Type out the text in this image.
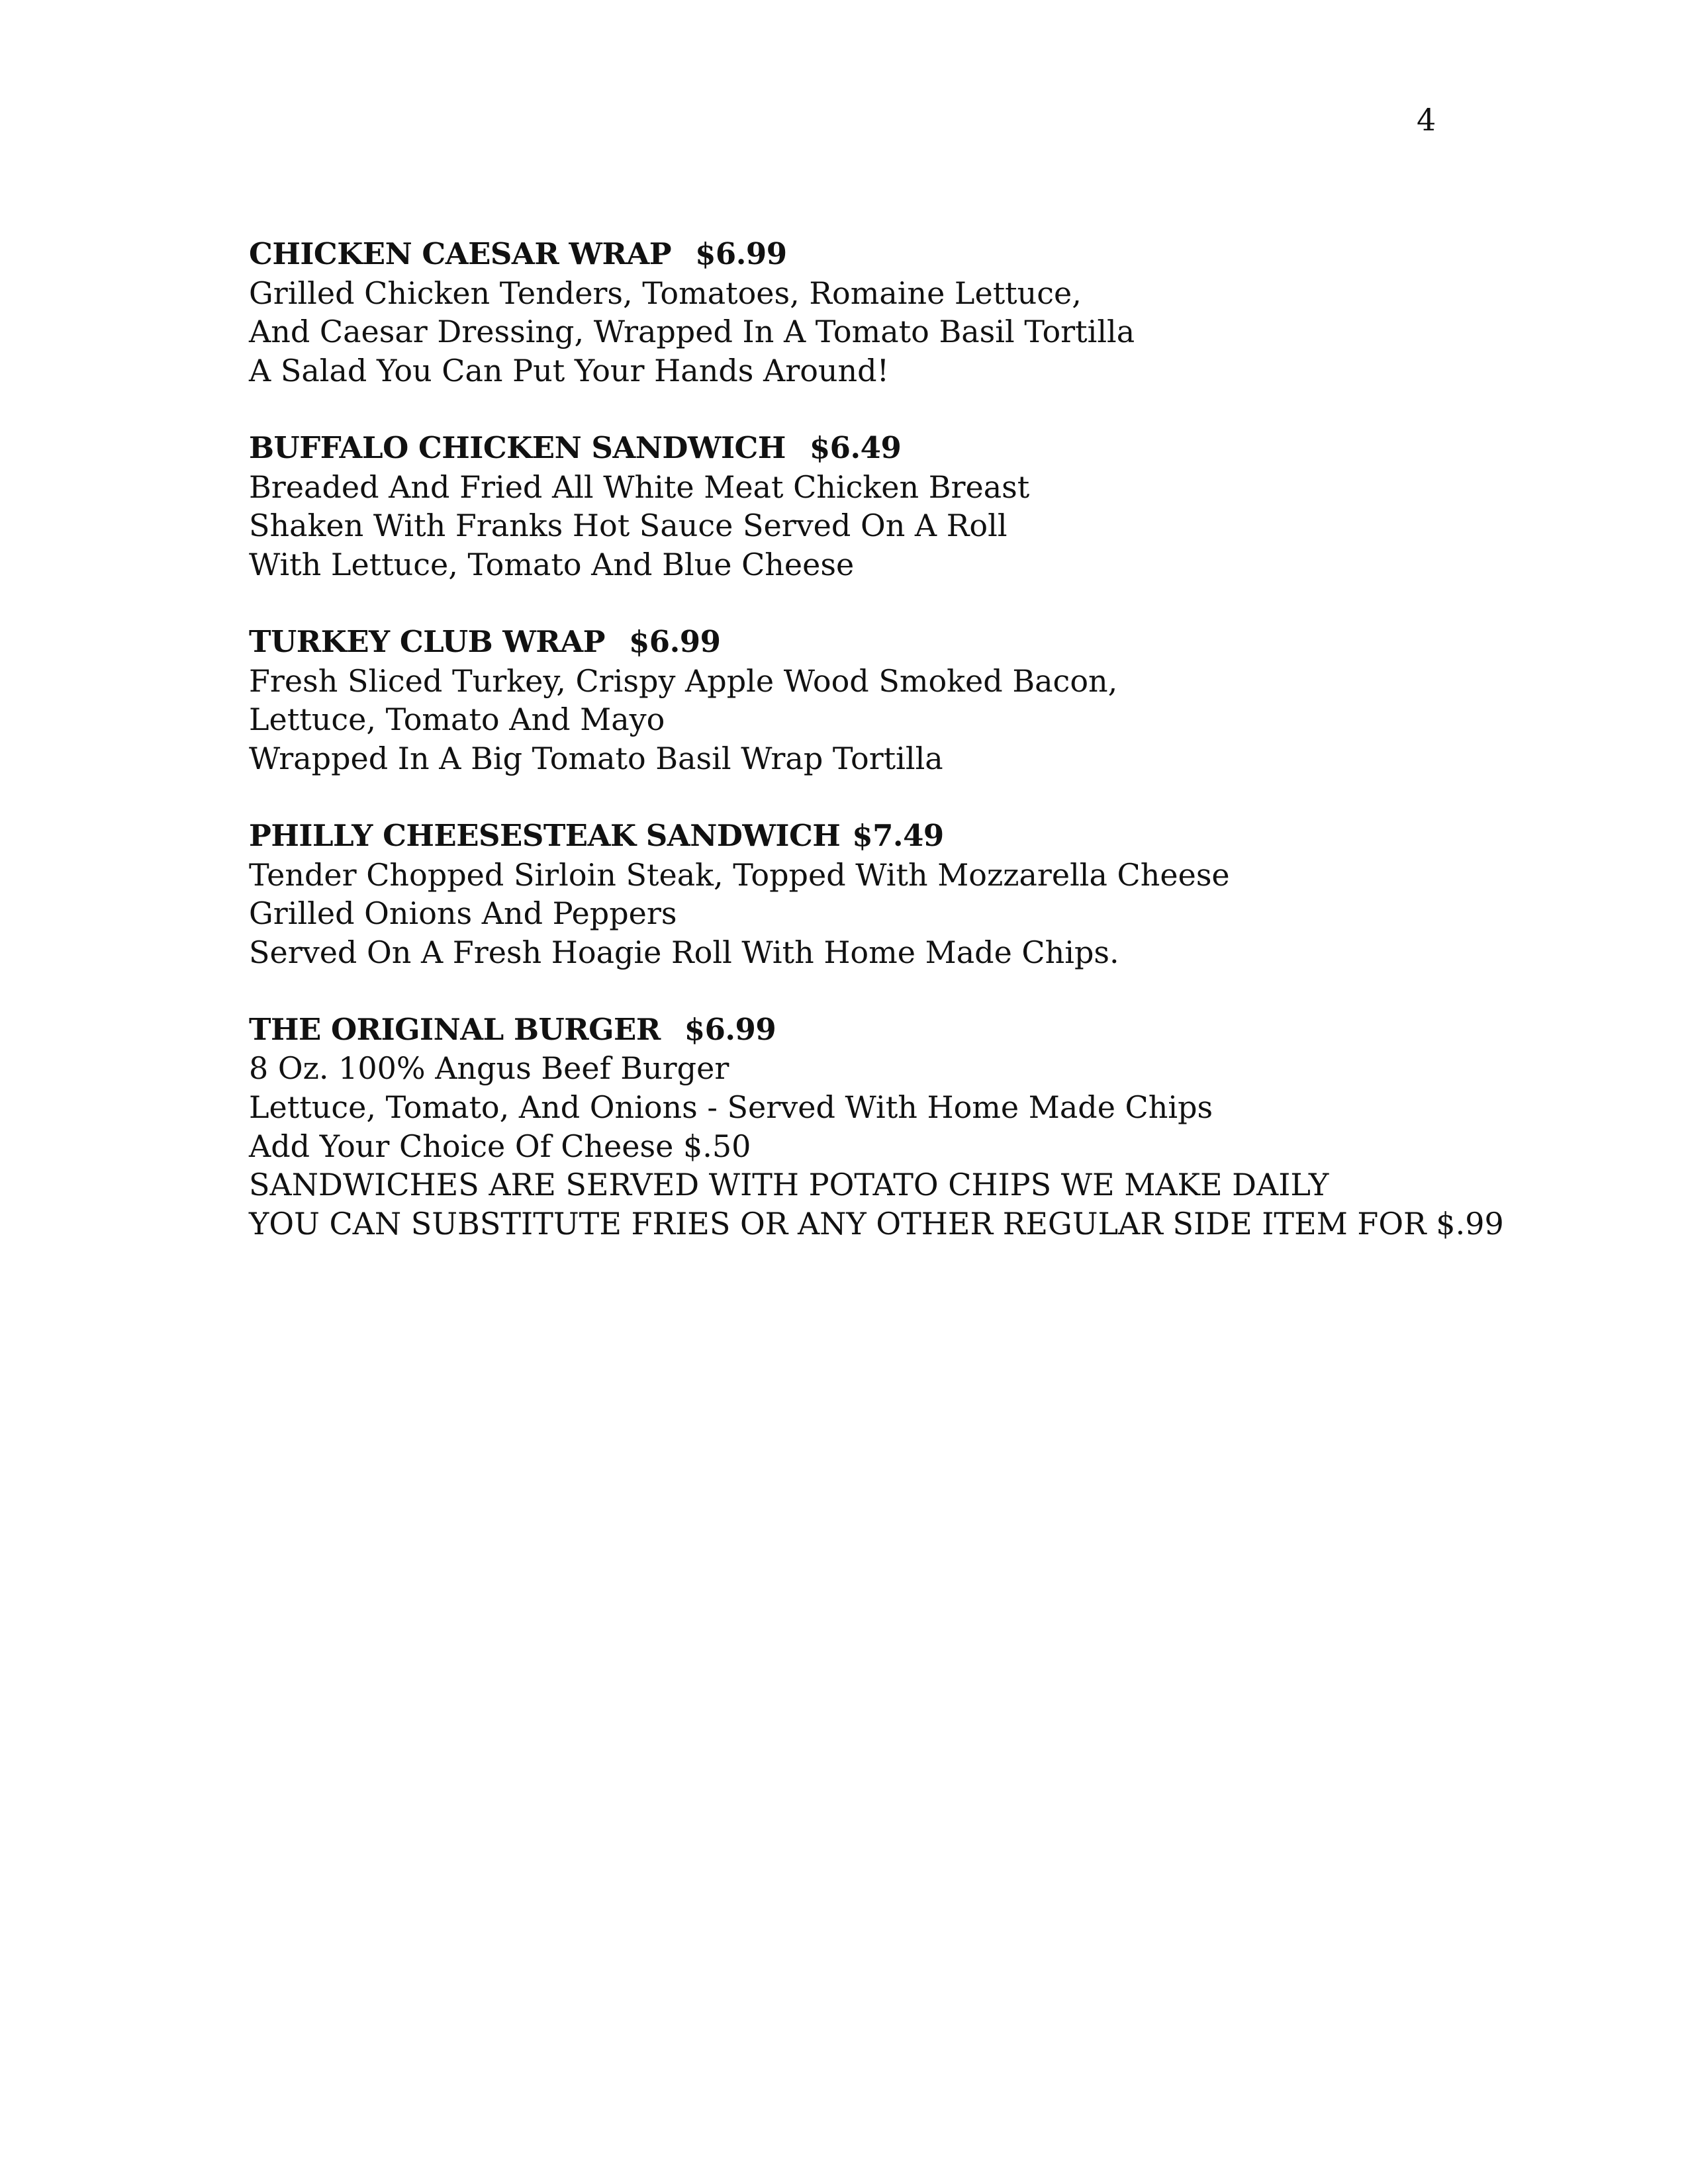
4
CHICKEN CAESAR WRAP $6.99
Grilled Chicken Tenders, Tomatoes, Romaine Lettuce,
And Caesar Dressing, Wrapped In A Tomato Basil Tortilla
A Salad You Can Put Your Hands Around!
BUFFALO CHICKEN SANDWICH $6.49
Breaded And Fried All White Meat Chicken Breast
Shaken With Franks Hot Sauce Served On A Roll
With Lettuce, Tomato And Blue Cheese
TURKEY CLUB WRAP $6.99
Fresh Sliced Turkey, Crispy Apple Wood Smoked Bacon,
Lettuce, Tomato And Mayo
Wrapped In A Big Tomato Basil Wrap Tortilla
PHILLY CHEESESTEAK SANDWICH $7.49
Tender Chopped Sirloin Steak, Topped With Mozzarella Cheese
Grilled Onions And Peppers
Served On A Fresh Hoagie Roll With Home Made Chips.
THE ORIGINAL BURGER $6.99
8 Oz. 100% Angus Beef Burger
Lettuce, Tomato, And Onions - Served With Home Made Chips
Add Your Choice Of Cheese $.50
SANDWICHES ARE SERVED WITH POTATO CHIPS WE MAKE DAILY
YOU CAN SUBSTITUTE FRIES OR ANY OTHER REGULAR SIDE ITEM FOR $.99
